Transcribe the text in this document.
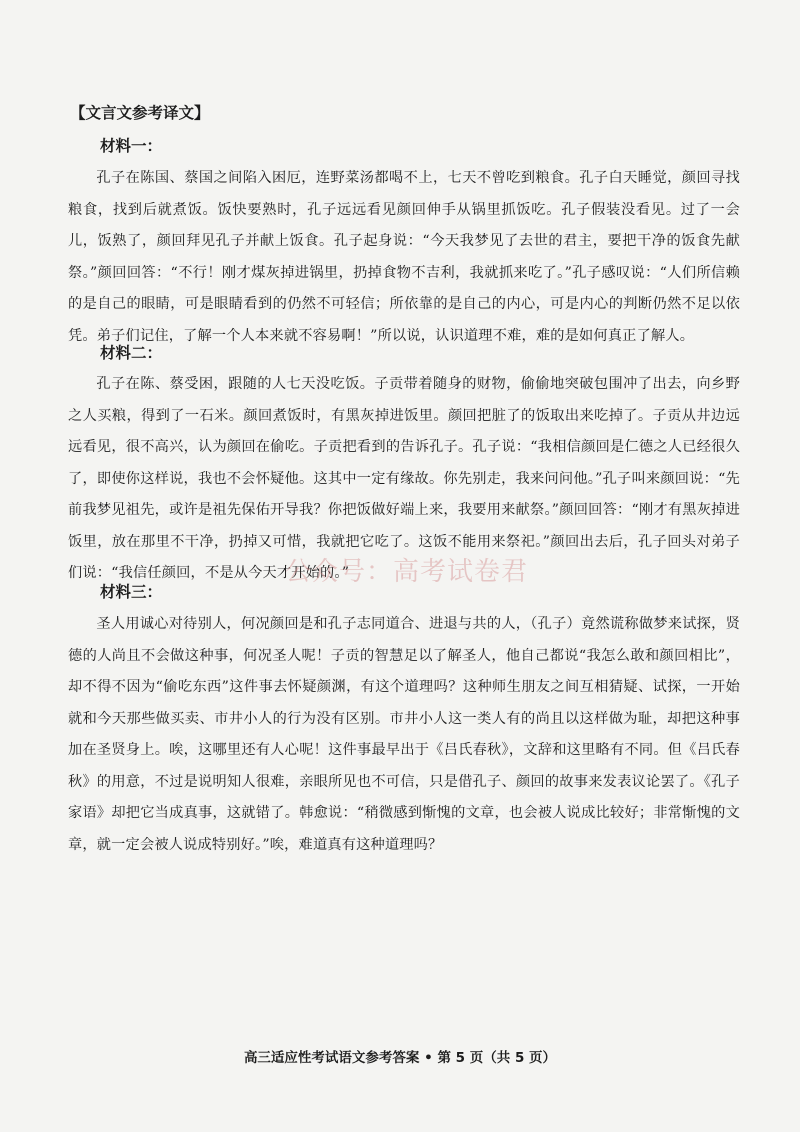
【文言文参考译文】
材料一：

孔子在陈国、蔡国之间陷入困厄，连野菜汤都喝不上，七天不曾吃到粮食。孔子白天睡觉，颜回寻找粮食，找到后就煮饭。饭快要熟时，孔子远远看见颜回伸手从锅里抓饭吃。孔子假装没看见。过了一会儿，饭熟了，颜回拜见孔子并献上饭食。孔子起身说：“今天我梦见了去世的君主，要把干净的饭食先献祭。”颜回回答：“不行！刚才煤灰掉进锅里，扔掉食物不吉利，我就抓来吃了。”孔子感叹说：“人们所信赖的是自己的眼睛，可是眼睛看到的仍然不可轻信；所依靠的是自己的内心，可是内心的判断仍然不足以依凭。弟子们记住，了解一个人本来就不容易啊！”所以说，认识道理不难，难的是如何真正了解人。

材料二：

孔子在陈、蔡受困，跟随的人七天没吃饭。子贡带着随身的财物，偷偷地突破包围冲了出去，向乡野之人买粮，得到了一石米。颜回煮饭时，有黑灰掉进饭里。颜回把脏了的饭取出来吃掉了。子贡从井边远远看见，很不高兴，认为颜回在偷吃。子贡把看到的告诉孔子。孔子说：“我相信颜回是仁德之人已经很久了，即使你这样说，我也不会怀疑他。这其中一定有缘故。你先别走，我来问问他。”孔子叫来颜回说：“先前我梦见祖先，或许是祖先保佑开导我？你把饭做好端上来，我要用来献祭。”颜回回答：“刚才有黑灰掉进饭里，放在那里不干净，扔掉又可惜，我就把它吃了。这饭不能用来祭祀。”颜回出去后，孔子回头对弟子们说：“我信任颜回，不是从今天才开始的。”

公众号：高考试卷君
材料三：

圣人用诚心对待别人，何况颜回是和孔子志同道合、进退与共的人，（孔子）竟然谎称做梦来试探，贤德的人尚且不会做这种事，何况圣人呢！子贡的智慧足以了解圣人，他自己都说“我怎么敢和颜回相比”，却不得不因为“偷吃东西”这件事去怀疑颜渊，有这个道理吗？这种师生朋友之间互相猜疑、试探，一开始就和今天那些做买卖、市井小人的行为没有区别。市井小人这一类人有的尚且以这样做为耻，却把这种事加在圣贤身上。唉，这哪里还有人心呢！这件事最早出于《吕氏春秋》，文辞和这里略有不同。但《吕氏春秋》的用意，不过是说明知人很难，亲眼所见也不可信，只是借孔子、颜回的故事来发表议论罢了。《孔子家语》却把它当成真事，这就错了。韩愈说：“稍微感到惭愧的文章，也会被人说成比较好；非常惭愧的文章，就一定会被人说成特别好。”唉，难道真有这种道理吗？

高三适应性考试语文参考答案 • 第 5 页（共 5 页）
